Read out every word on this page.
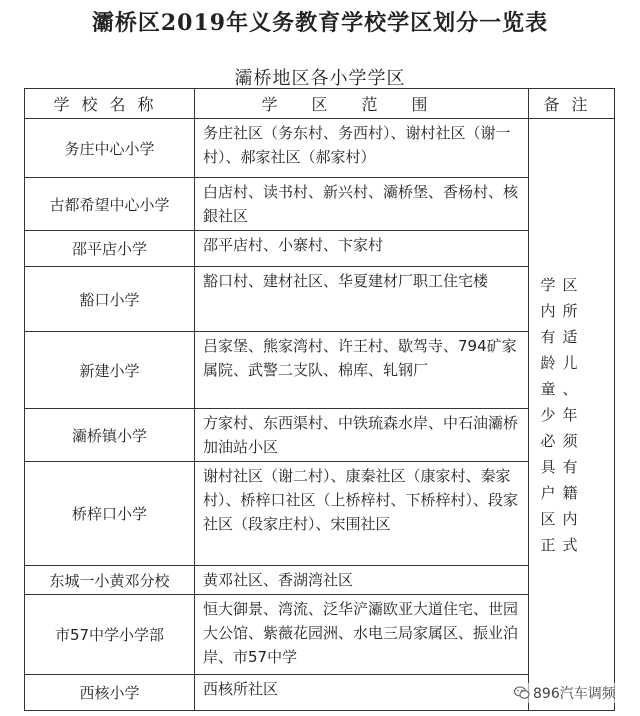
灞桥区2019年义务教育学校学区划分一览表
灞桥地区各小学学区
学校名称	学区范围	备注
务庄中心小学	务庄社区（务东村、务西村）、谢村社区（谢一村）、郝家社区（郝家村）	学区内所有适龄儿童、少年必须具有户籍区内正式

古都希望中心小学	白店村、读书村、新兴村、灞桥堡、香杨村、核銀社区	
邵平店小学	邵平店村、小寨村、卞家村	
豁口小学	豁口村、建材社区、华夏建材厂职工住宅楼	
新建小学	吕家堡、熊家湾村、许王村、歇驾寺、794矿家属院、武警二支队、棉库、轧钢厂	
灞桥镇小学	方家村、东西渠村、中铁琉森水岸、中石油灞桥加油站小区	
桥梓口小学	谢村社区（谢二村）、康秦社区（康家村、秦家村）、桥梓口社区（上桥梓村、下桥梓村）、段家社区（段家庄村）、宋围社区	
东城一小黄邓分校	黄邓社区、香湖湾社区	
市57中学小学部	恒大御景、湾流、泛华浐灞欧亚大道住宅、世园大公馆、紫薇花园洲、水电三局家属区、振业泊岸、市57中学	
西核小学	西核所社区		896汽车调频
